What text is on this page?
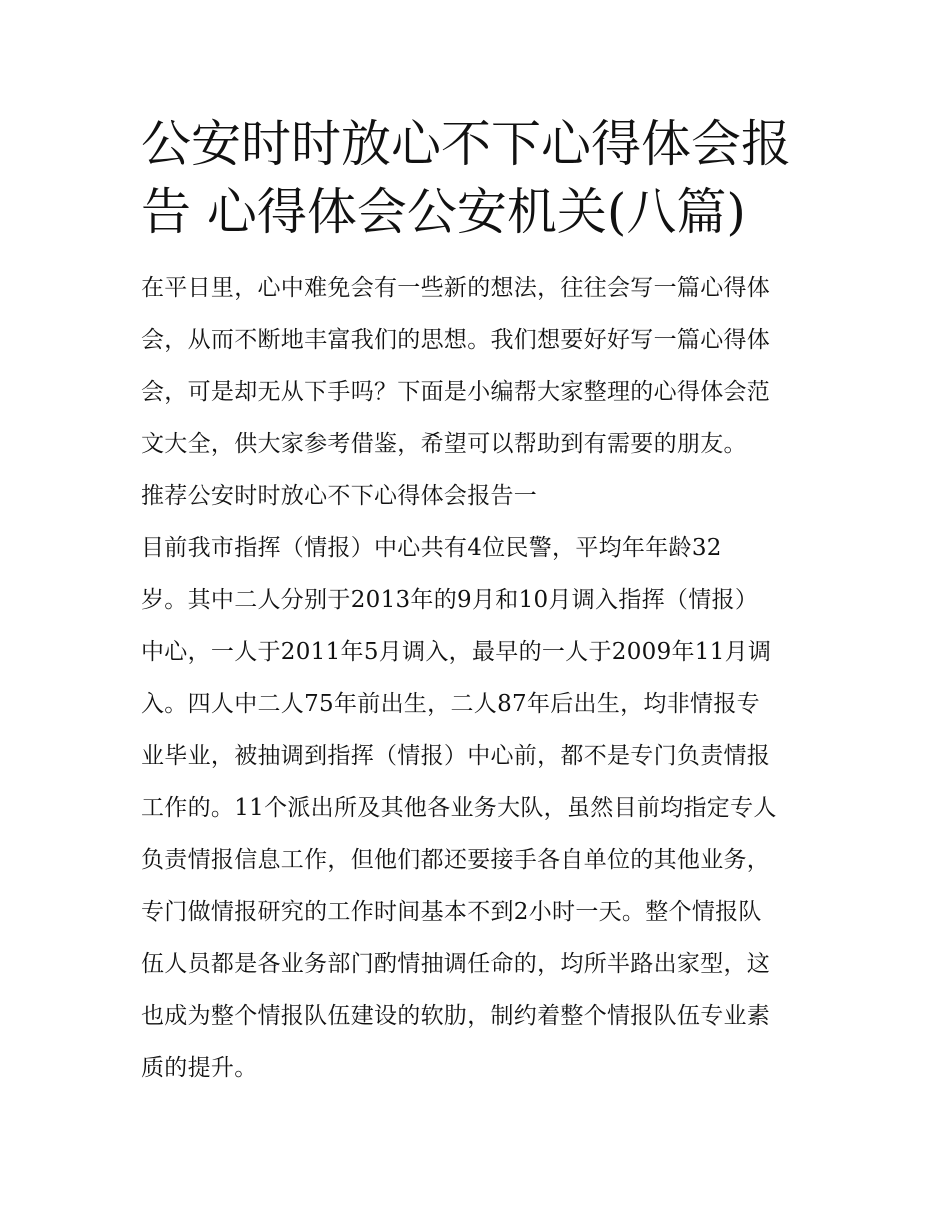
公安时时放心不下心得体会报
告 心得体会公安机关(八篇)

在平日里，心中难免会有一些新的想法，往往会写一篇心得体
会，从而不断地丰富我们的思想。我们想要好好写一篇心得体
会，可是却无从下手吗？下面是小编帮大家整理的心得体会范
文大全，供大家参考借鉴，希望可以帮助到有需要的朋友。

推荐公安时时放心不下心得体会报告一

目前我市指挥（情报）中心共有4位民警，平均年年龄32
岁。其中二人分别于2013年的9月和10月调入指挥（情报）
中心，一人于2011年5月调入，最早的一人于2009年11月调
入。四人中二人75年前出生，二人87年后出生，均非情报专
业毕业，被抽调到指挥（情报）中心前，都不是专门负责情报
工作的。11个派出所及其他各业务大队，虽然目前均指定专人
负责情报信息工作，但他们都还要接手各自单位的其他业务，
专门做情报研究的工作时间基本不到2小时一天。整个情报队
伍人员都是各业务部门酌情抽调任命的，均所半路出家型，这
也成为整个情报队伍建设的软肋，制约着整个情报队伍专业素
质的提升。
